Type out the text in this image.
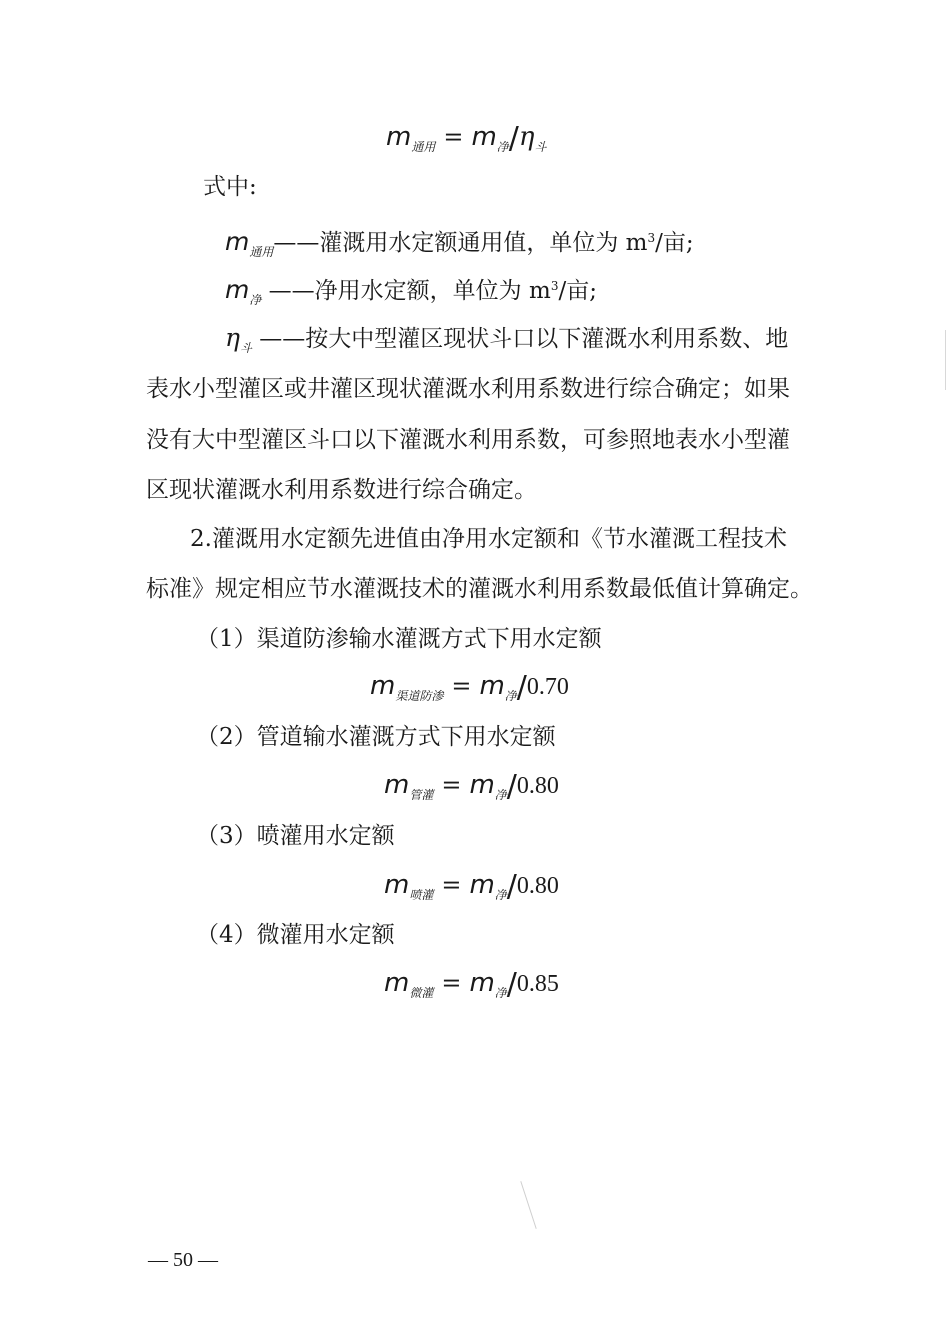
$m_{通用} = m_净/\eta_斗$
式中:
$m_{通用}——$灌溉用水定额通用值，单位为 $m^3/$亩;
$m_净$ ——净用水定额，单位为 $m^3/$亩;
$\eta_斗$ ——按大中型灌区现状斗口以下灌溉水利用系数、地
表水小型灌区或井灌区现状灌溉水利用系数进行综合确定；如果
没有大中型灌区斗口以下灌溉水利用系数，可参照地表水小型灌
区现状灌溉水利用系数进行综合确定。
2.灌溉用水定额先进值由净用水定额和《节水灌溉工程技术
标准》规定相应节水灌溉技术的灌溉水利用系数最低值计算确定。
（1）渠道防渗输水灌溉方式下用水定额
$m_{渠道防渗} = m_净/0.70$
（2）管道输水灌溉方式下用水定额
$m_{管灌} = m_净/0.80$
（3）喷灌用水定额
$m_{喷灌} = m_净/0.80$
（4）微灌用水定额
$m_{微灌} = m_净/0.85$
— 50 —
